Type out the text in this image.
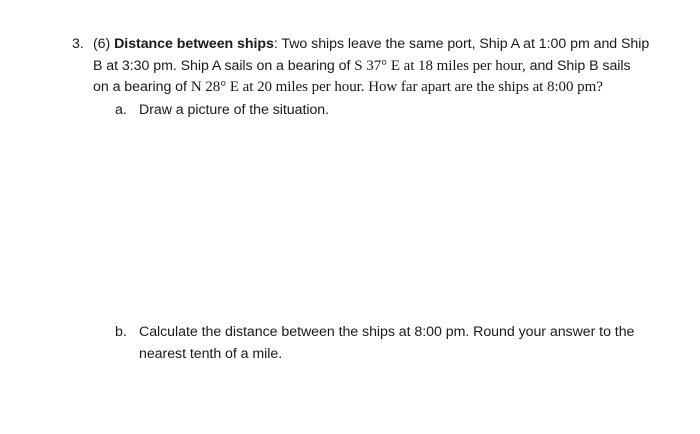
3. (6) Distance between ships: Two ships leave the same port, Ship A at 1:00 pm and Ship
B at 3:30 pm. Ship A sails on a bearing of S 37° E at 18 miles per hour, and Ship B sails
on a bearing of N 28° E at 20 miles per hour. How far apart are the ships at 8:00 pm?
a. Draw a picture of the situation.
b. Calculate the distance between the ships at 8:00 pm. Round your answer to the
nearest tenth of a mile.
